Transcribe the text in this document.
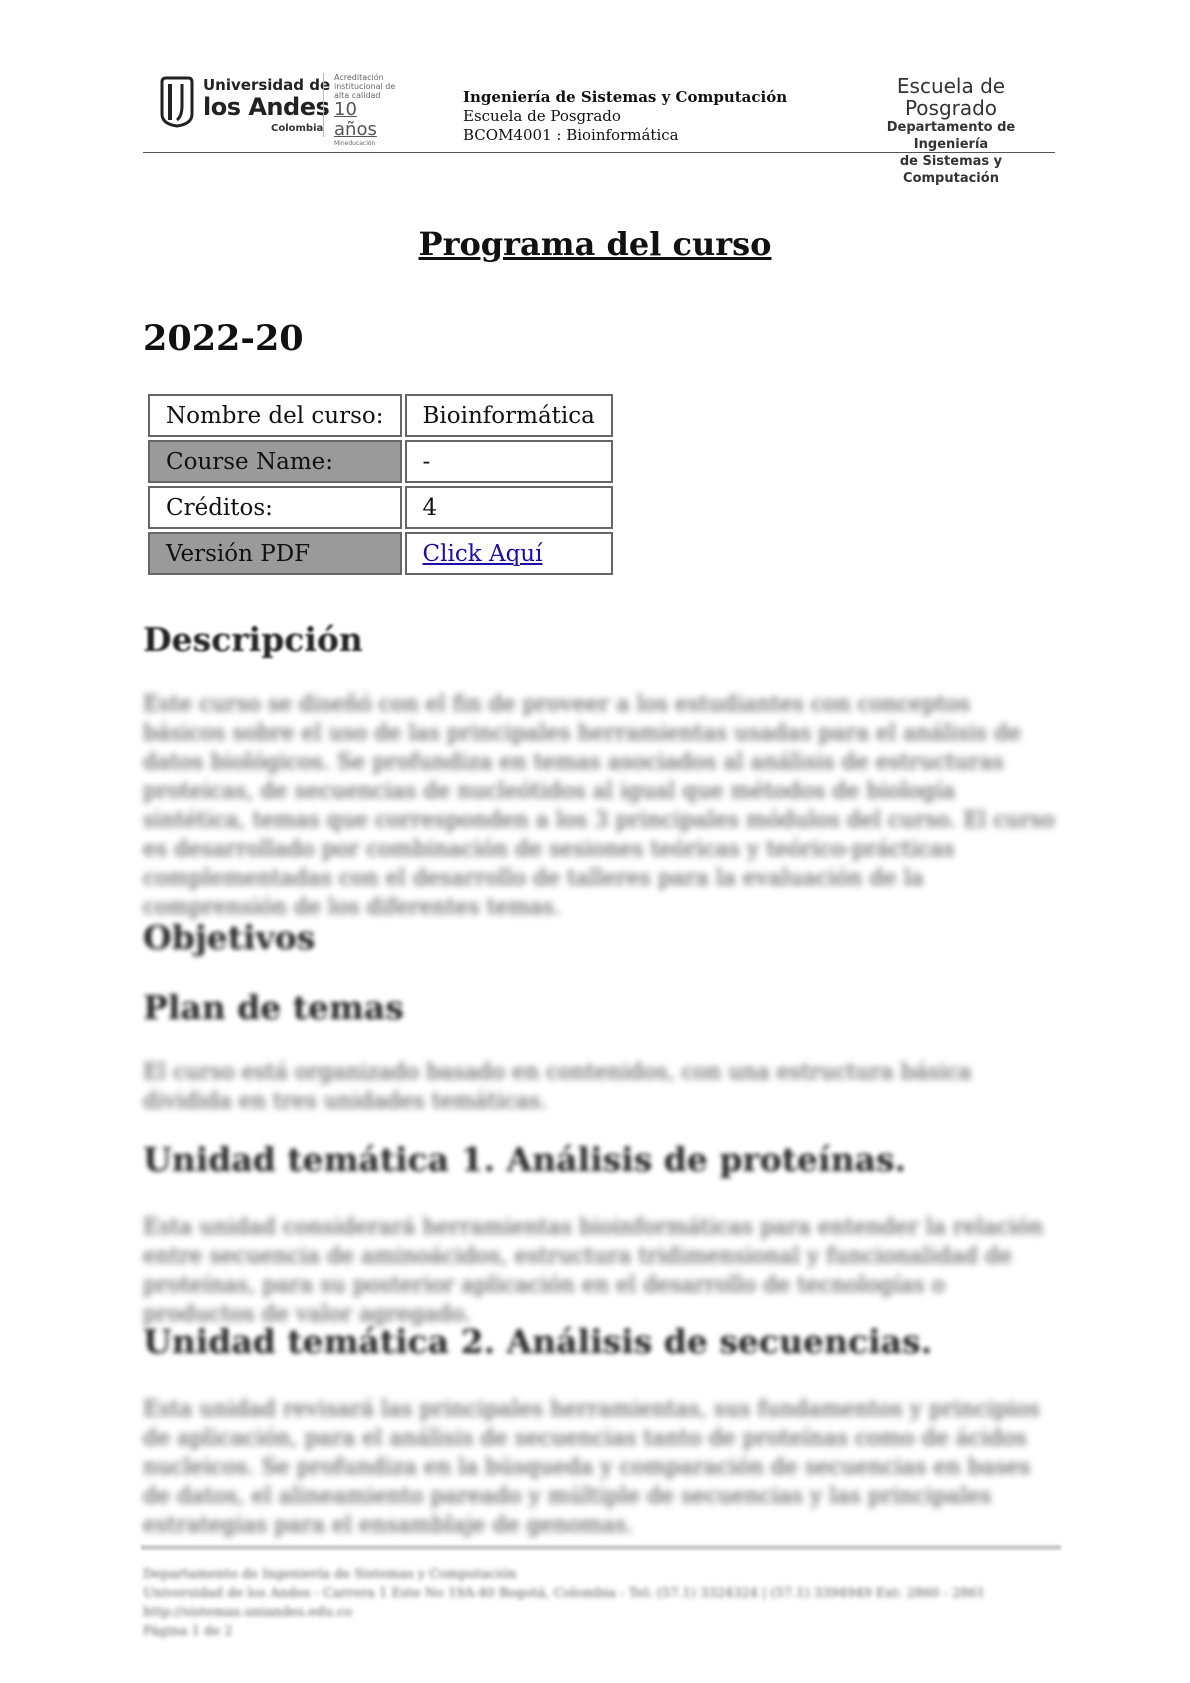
Universidad de
los Andes
Colombia
Acreditación institucional de alta calidad
10 años
Mineducación
Ingeniería de Sistemas y Computación
Escuela de Posgrado
BCOM4001 : Bioinformática
Escuela de Posgrado
Departamento de Ingeniería
de Sistemas y Computación
Programa del curso
2022-20
Nombre del curso:	Bioinformática
Course Name:	-
Créditos:	4
Versión PDF	Click Aquí
Descripción

Este curso se diseñó con el fin de proveer a los estudiantes con conceptos básicos sobre el uso de las principales herramientas usadas para el análisis de datos biológicos. Se profundiza en temas asociados al análisis de estructuras proteicas, de secuencias de nucleótidos al igual que métodos de biología sintética, temas que corresponden a los 3 principales módulos del curso. El curso es desarrollado por combinación de sesiones teóricas y teórico-prácticas complementadas con el desarrollo de talleres para la evaluación de la comprensión de los diferentes temas.

Objetivos
Plan de temas

El curso está organizado basado en contenidos, con una estructura básica dividida en tres unidades temáticas.

Unidad temática 1. Análisis de proteínas.

Esta unidad considerará herramientas bioinformáticas para entender la relación entre secuencia de aminoácidos, estructura tridimensional y funcionalidad de proteínas, para su posterior aplicación en el desarrollo de tecnologías o productos de valor agregado.

Unidad temática 2. Análisis de secuencias.

Esta unidad revisará las principales herramientas, sus fundamentos y principios de aplicación, para el análisis de secuencias tanto de proteínas como de ácidos nucleicos. Se profundiza en la búsqueda y comparación de secuencias en bases de datos, el alineamiento pareado y múltiple de secuencias y las principales estrategias para el ensamblaje de genomas.

Departamento de Ingeniería de Sistemas y Computación
Universidad de los Andes - Carrera 1 Este No 19A-40 Bogotá, Colombia - Tel: (57.1) 3324324 | (57.1) 3394949 Ext: 2860 - 2861
http://sistemas.uniandes.edu.co
Página 1 de 2
